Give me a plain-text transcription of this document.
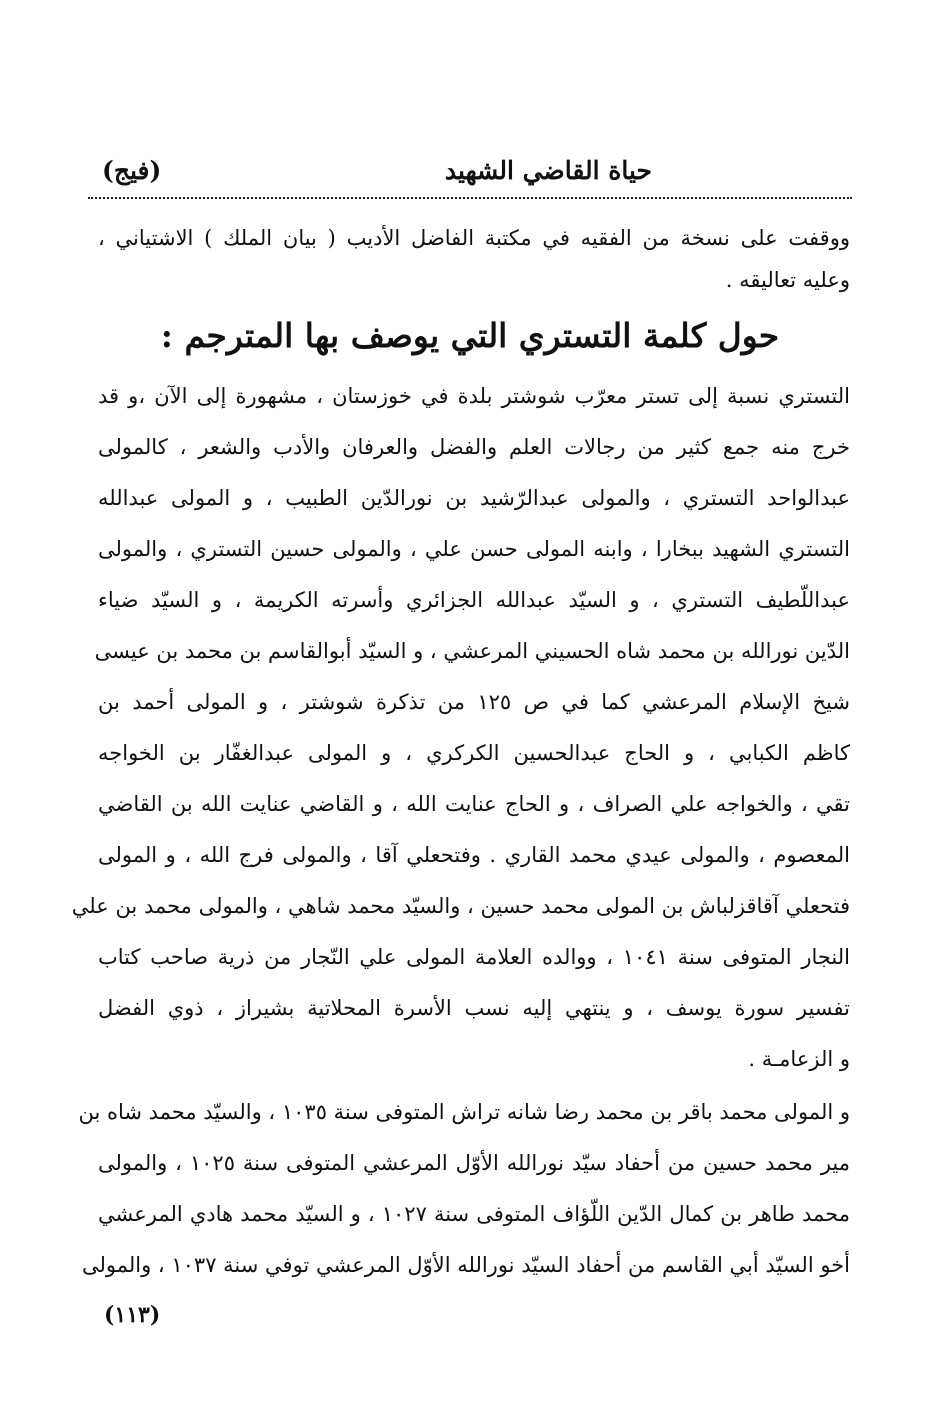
حياة القاضي الشهيد
(فيج)
ووقفت على نسخة من الفقيه في مكتبة الفاضل الأديب ( بيان الملك ) الاشتياني ،
وعليه تعاليقه .
حول كلمة التستري التي يوصف بها المترجم :
التستري نسبة إلى تستر معرّب شوشتر بلدة في خوزستان ، مشهورة إلى الآن ،و قد
خرج منه جمع كثير من رجالات العلم والفضل والعرفان والأدب والشعر ، كالمولى
عبدالواحد التستري ، والمولى عبدالرّشيد بن نورالدّين الطبيب ، و المولى عبدالله
التستري الشهيد ببخارا ، وابنه المولى حسن علي ، والمولى حسين التستري ، والمولى
عبداللّطيف التستري ، و السيّد عبدالله الجزائري وأسرته الكريمة ، و السيّد ضياء
الدّين نورالله بن محمد شاه الحسيني المرعشي ، و السيّد أبوالقاسم بن محمد بن عيسى
شيخ الإسلام المرعشي كما في ص ١٢٥ من تذكرة شوشتر ، و المولى أحمد بن
كاظم الكبابي ، و الحاج عبدالحسين الكركري ، و المولى عبدالغفّار بن الخواجه
تقي ، والخواجه علي الصراف ، و الحاج عنايت الله ، و القاضي عنايت الله بن القاضي
المعصوم ، والمولى عيدي محمد القاري . وفتحعلي آقا ، والمولى فرج الله ، و المولى
فتحعلي آقاقزلباش بن المولى محمد حسين ، والسيّد محمد شاهي ، والمولى محمد بن علي
النجار المتوفى سنة ١٠٤١ ، ووالده العلامة المولى علي النّجار من ذرية صاحب كتاب
تفسير سورة يوسف ، و ينتهي إليه نسب الأسرة المحلاتية بشيراز ، ذوي الفضل
و الزعامـة .
و المولى محمد باقر بن محمد رضا شانه تراش المتوفى سنة ١٠٣٥ ، والسيّد محمد شاه بن
مير محمد حسين من أحفاد سيّد نورالله الأوّل المرعشي المتوفى سنة ١٠٢٥ ، والمولى
محمد طاهر بن كمال الدّين اللّؤاف المتوفى سنة ١٠٢٧ ، و السيّد محمد هادي المرعشي
أخو السيّد أبي القاسم من أحفاد السيّد نورالله الأوّل المرعشي توفي سنة ١٠٣٧ ، والمولى
(١١٣)
